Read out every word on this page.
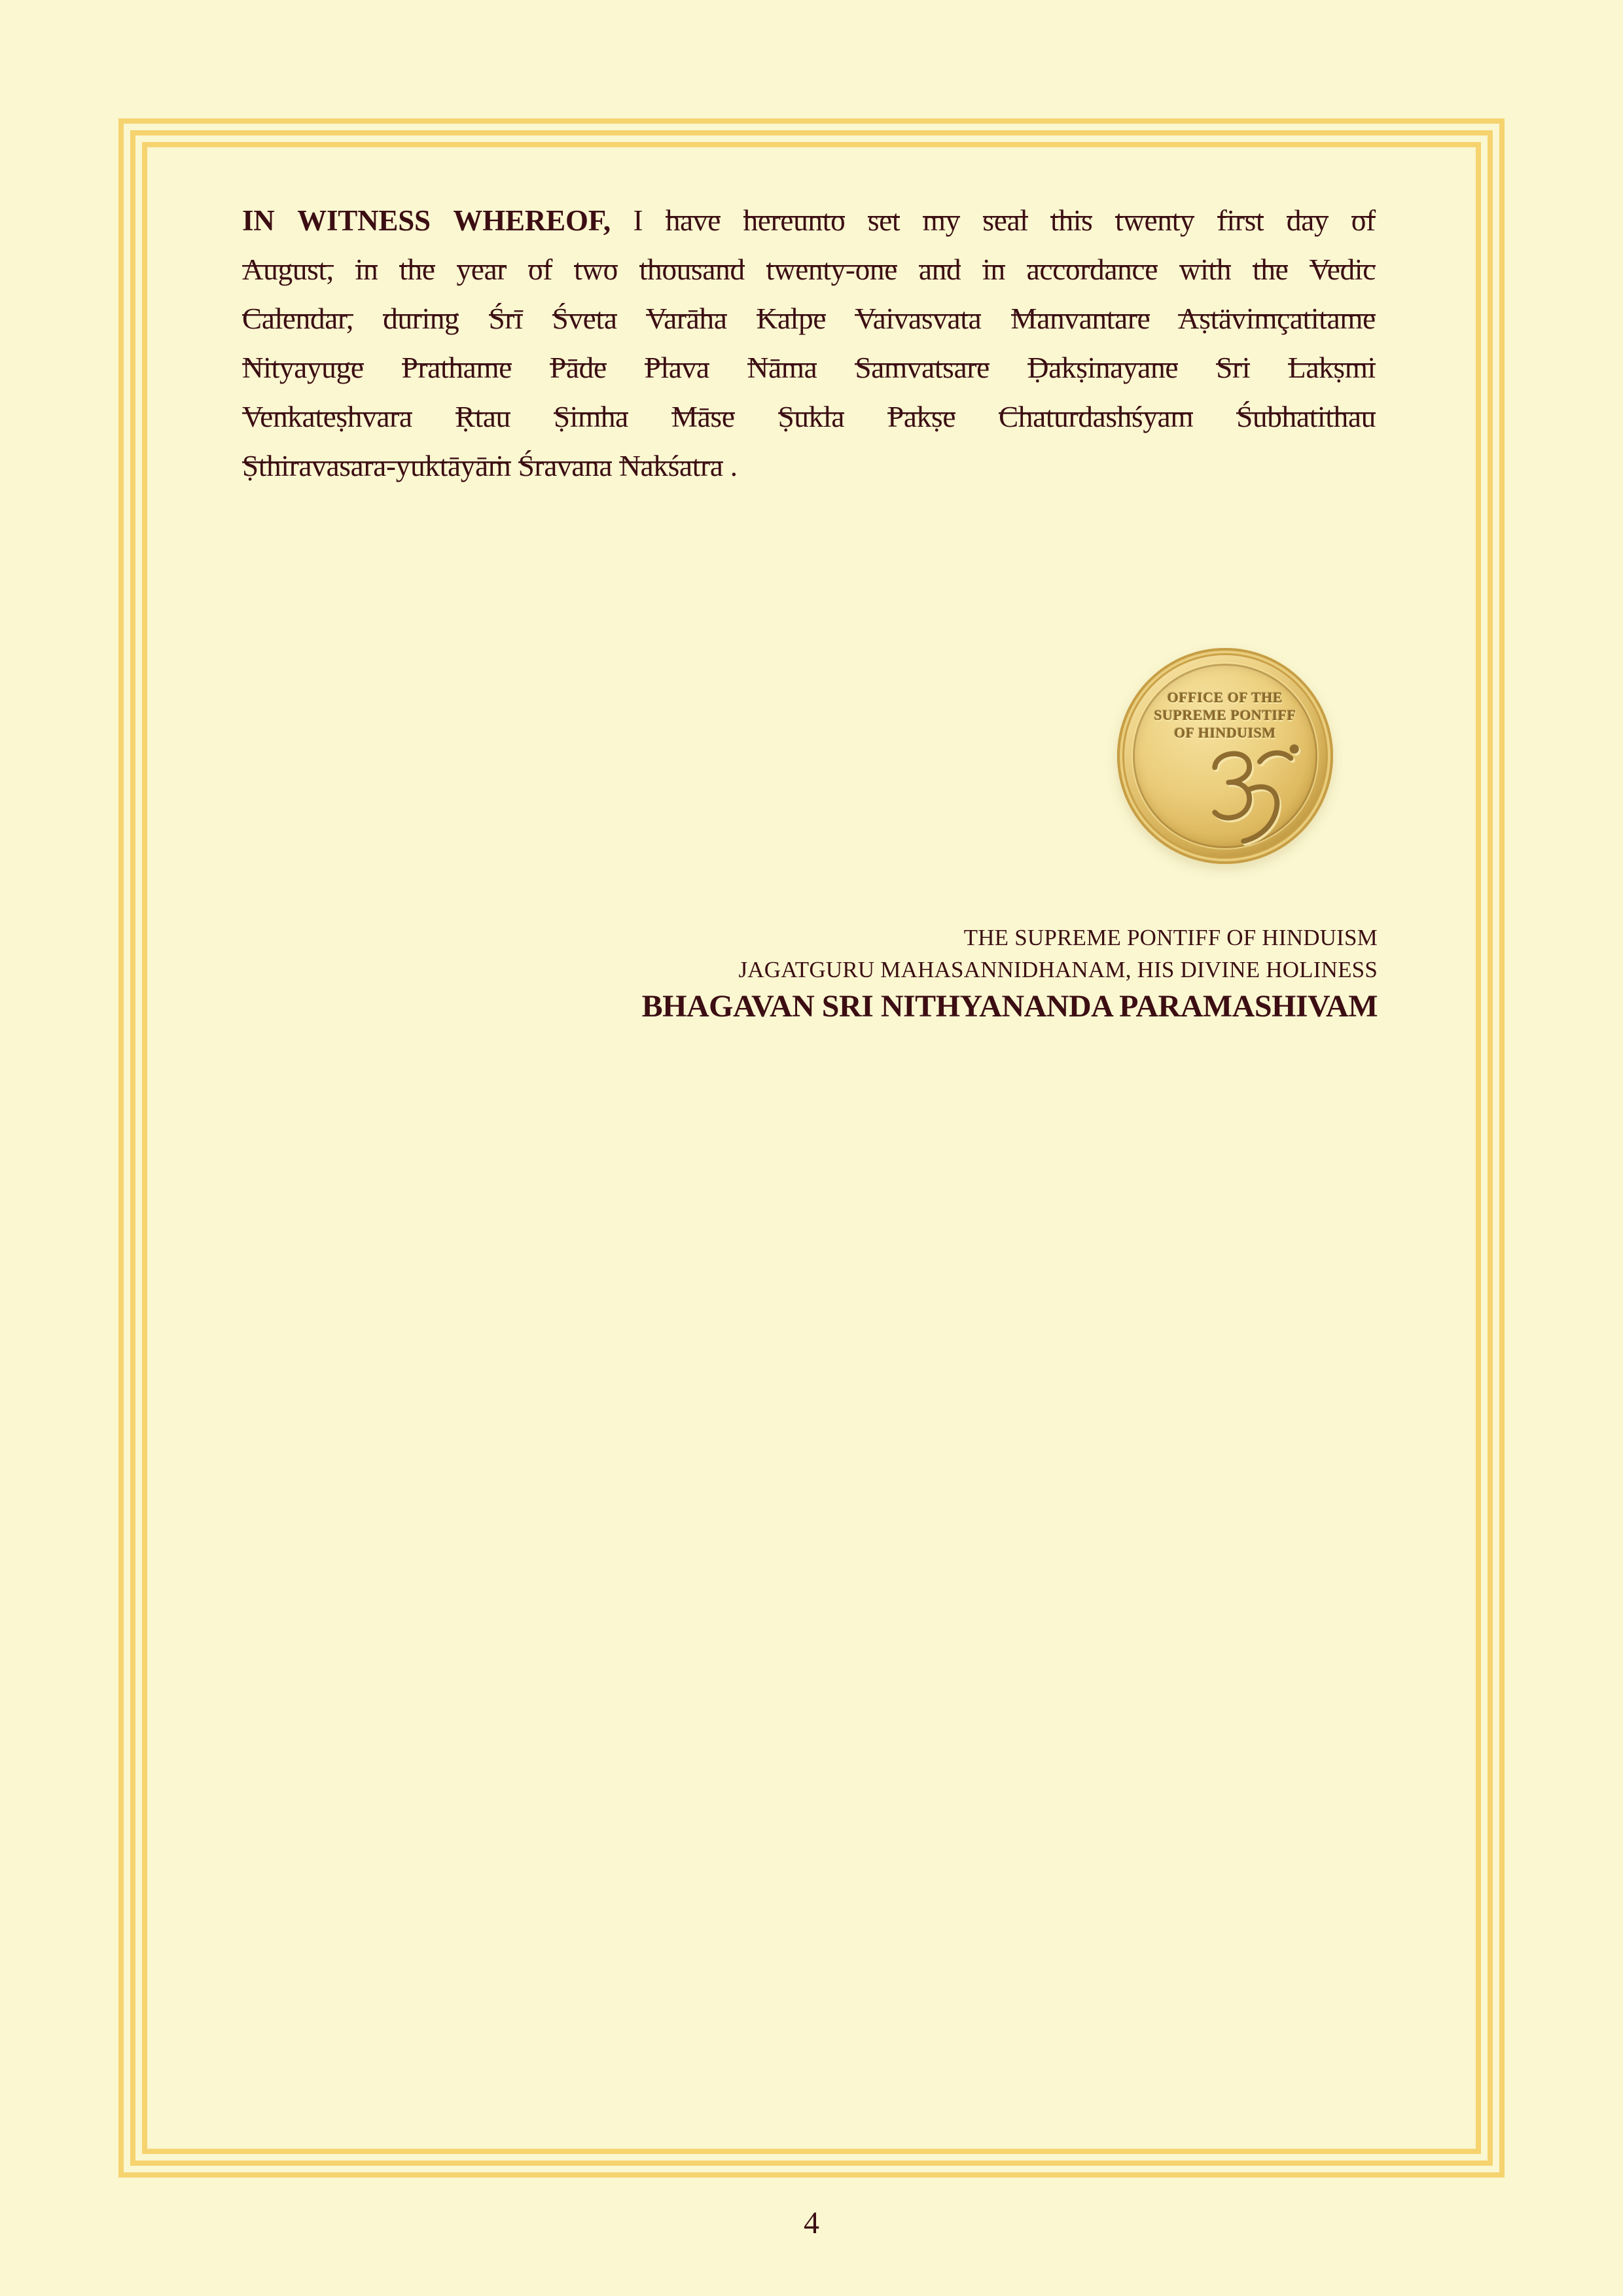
IN WITNESS WHEREOF, I have hereunto set my seal this twenty first day of
August, in the year of two thousand twenty-one and in accordance with the Vedic
Calendar, during Śrī Śveta Varāha Kalpe Vaivasvata Manvantare Aṣtävimçatitame
Nityayuge Prathame Pāde Plava Nāma Samvatsare Ḍakṣinayane Sri Lakṣmi
Venkateṣhvara Ṛtau Ṣimha Māse Ṣukla Pakṣe Chaturdashśyam Śubhatithau
Ṣthiravasara-yuktāyāṁ Śravana Nakśatra .
OFFICE OF THE
SUPREME PONTIFF
OF HINDUISM
THE SUPREME PONTIFF OF HINDUISM
JAGATGURU MAHASANNIDHANAM, HIS DIVINE HOLINESS
BHAGAVAN SRI NITHYANANDA PARAMASHIVAM
4
